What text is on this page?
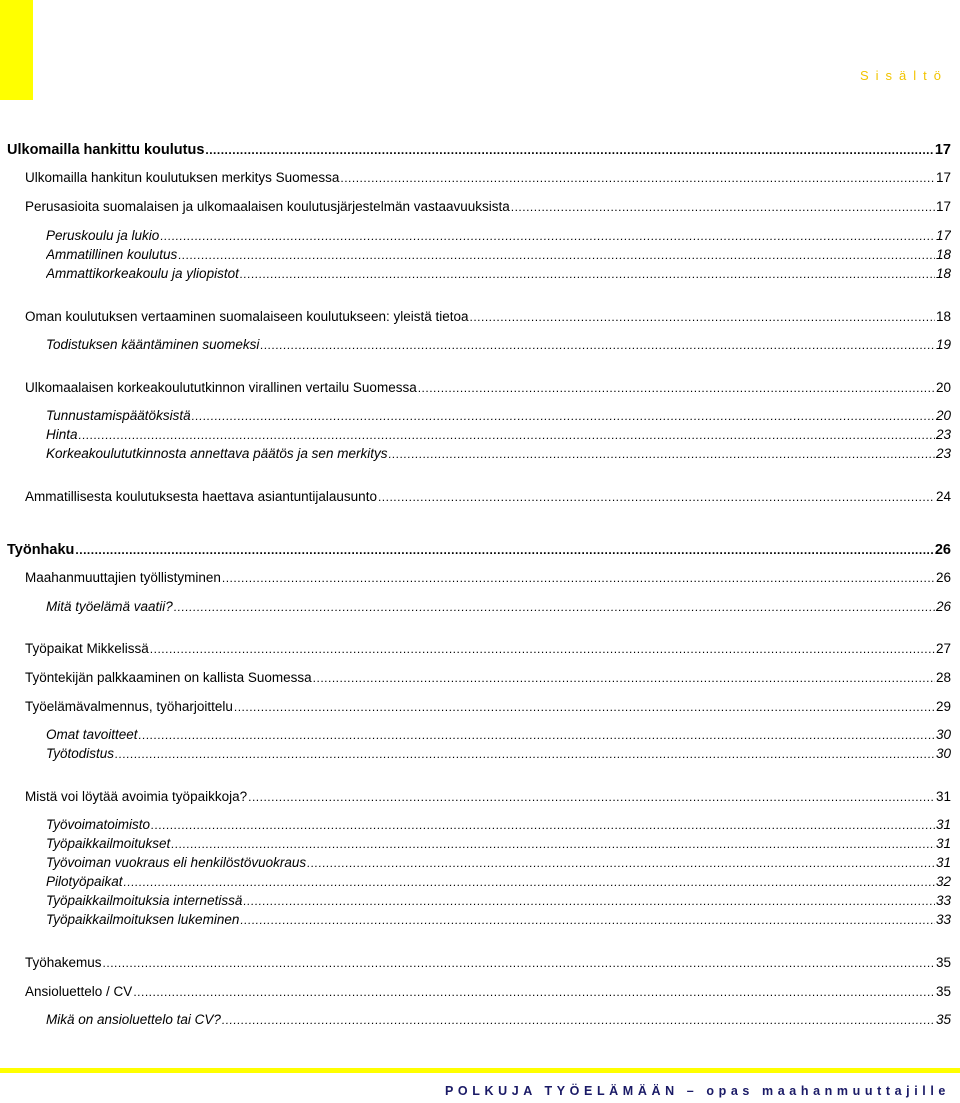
Sisältö
Ulkomailla hankittu koulutus .....	17
Ulkomailla hankitun koulutuksen merkitys Suomessa .....	17
Perusasioita suomalaisen ja ulkomaalaisen koulutusjärjestelmän vastaavuuksista .....	17
Peruskoulu ja lukio .....	17
Ammatillinen koulutus .....	18
Ammattikorkeakoulu ja yliopistot .....	18
Oman koulutuksen vertaaminen suomalaiseen koulutukseen: yleistä tietoa .....	18
Todistuksen kääntäminen suomeksi .....	19
Ulkomaalaisen korkeakoulututkinnon virallinen vertailu Suomessa .....	20
Tunnustamispäätöksistä .....	20
Hinta .....	23
Korkeakoulututkinnosta annettava päätös ja sen merkitys .....	23
Ammatillisesta koulutuksesta haettava asiantuntijalausunto .....	24
Työnhaku .....	26
Maahanmuuttajien työllistyminen .....	26
Mitä työelämä vaatii? .....	26
Työpaikat Mikkelissä .....	27
Työntekijän palkkaaminen on kallista Suomessa .....	28
Työelämävalmennus, työharjoittelu .....	29
Omat tavoitteet .....	30
Työtodistus .....	30
Mistä voi löytää avoimia työpaikkoja? .....	31
Työvoimatoimisto .....	31
Työpaikkailmoitukset .....	31
Työvoiman vuokraus eli henkilöstövuokraus .....	31
Pilotyöpaikat .....	32
Työpaikkailmoituksia internetissä .....	33
Työpaikkailmoituksen lukeminen .....	33
Työhakemus .....	35
Ansioluettelo / CV .....	35
Mikä on ansioluettelo tai CV? .....	35
POLKUJA TYÖELÄMÄÄN – opas maahanmuuttajille
